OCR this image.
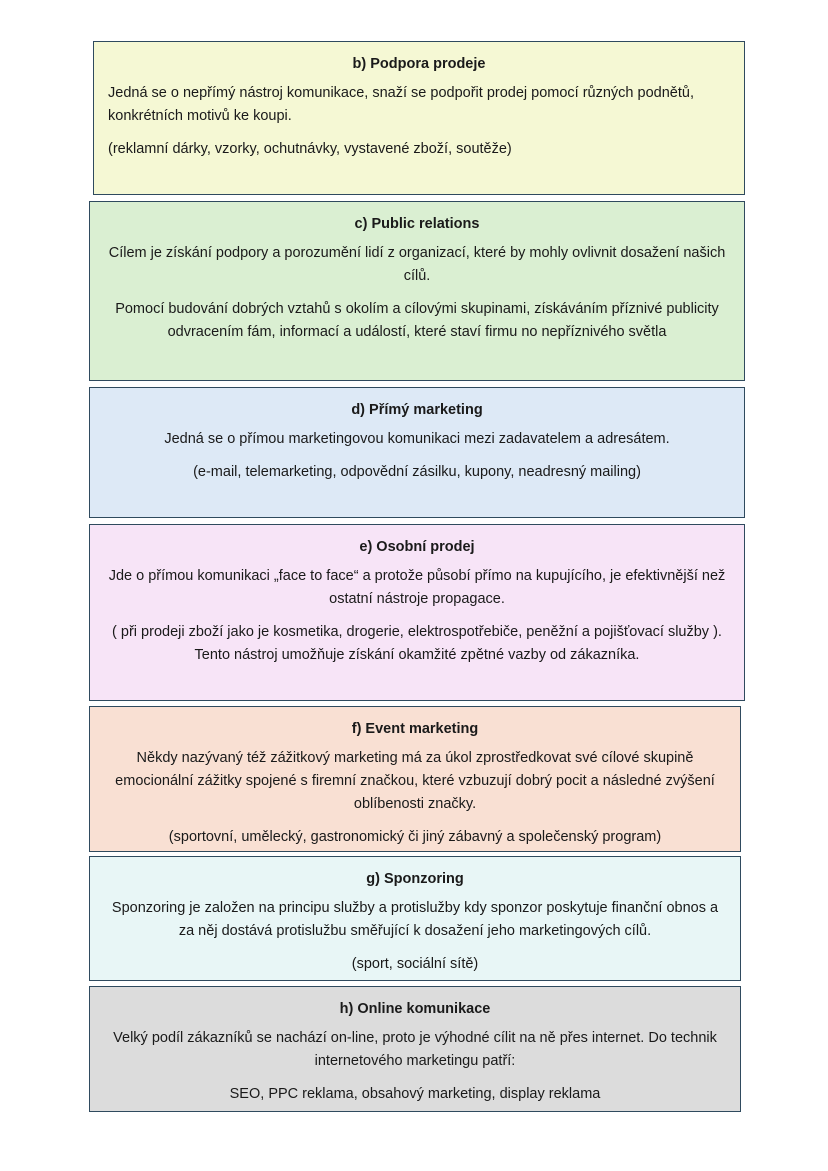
b) Podpora prodeje

Jedná se o nepřímý nástroj komunikace, snaží se podpořit prodej pomocí různých podnětů, konkrétních motivů ke koupi.

(reklamní dárky, vzorky, ochutnávky, vystavené zboží, soutěže)

c) Public relations

Cílem je získání podpory a porozumění lidí z organizací, které by mohly ovlivnit dosažení našich cílů.

Pomocí budování dobrých vztahů s okolím a cílovými skupinami, získáváním příznivé publicity odvracením fám, informací a událostí, které staví firmu no nepříznivého světla

d) Přímý marketing

Jedná se o přímou marketingovou komunikaci mezi zadavatelem a adresátem.

(e-mail, telemarketing, odpovědní zásilku, kupony, neadresný mailing)

e) Osobní prodej

Jde o přímou komunikaci „face to face“ a protože působí přímo na kupujícího, je efektivnější než ostatní nástroje propagace.

( při prodeji zboží jako je kosmetika, drogerie, elektrospotřebiče, peněžní a pojišťovací služby ). Tento nástroj umožňuje získání okamžité zpětné vazby od zákazníka.

f) Event marketing

Někdy nazývaný též zážitkový marketing má za úkol zprostředkovat své cílové skupině emocionální zážitky spojené s firemní značkou, které vzbuzují dobrý pocit a následné zvýšení oblíbenosti značky.

(sportovní, umělecký, gastronomický či jiný zábavný a společenský program)

g) Sponzoring

Sponzoring je založen na principu služby a protislužby kdy sponzor poskytuje finanční obnos a za něj dostává protislužbu směřující k dosažení jeho marketingových cílů.

(sport, sociální sítě)

h) Online komunikace

Velký podíl zákazníků se nachází on-line, proto je výhodné cílit na ně přes internet. Do technik internetového marketingu patří:

SEO, PPC reklama, obsahový marketing, display reklama
